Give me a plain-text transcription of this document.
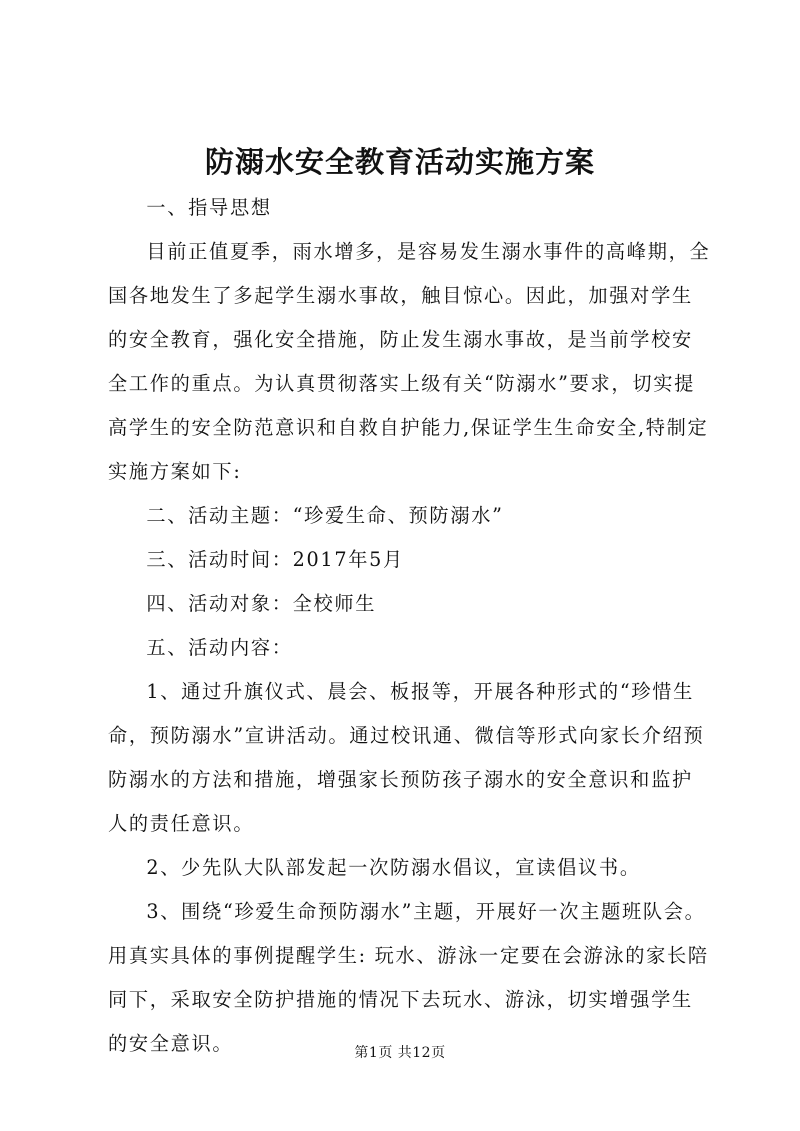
防溺水安全教育活动实施方案

一、指导思想

目前正值夏季，雨水增多，是容易发生溺水事件的高峰期，全国各地发生了多起学生溺水事故，触目惊心。因此，加强对学生的安全教育，强化安全措施，防止发生溺水事故，是当前学校安全工作的重点。为认真贯彻落实上级有关“防溺水”要求，切实提高学生的安全防范意识和自救自护能力,保证学生生命安全,特制定实施方案如下:

二、活动主题：“珍爱生命、预防溺水”

三、活动时间：2017年5月

四、活动对象：全校师生

五、活动内容：

1、通过升旗仪式、晨会、板报等，开展各种形式的“珍惜生命，预防溺水”宣讲活动。通过校讯通、微信等形式向家长介绍预防溺水的方法和措施，增强家长预防孩子溺水的安全意识和监护人的责任意识。

2、少先队大队部发起一次防溺水倡议，宣读倡议书。

3、围绕“珍爱生命预防溺水”主题，开展好一次主题班队会。用真实具体的事例提醒学生: 玩水、游泳一定要在会游泳的家长陪同下，采取安全防护措施的情况下去玩水、游泳，切实增强学生的安全意识。	第1页 共12页
